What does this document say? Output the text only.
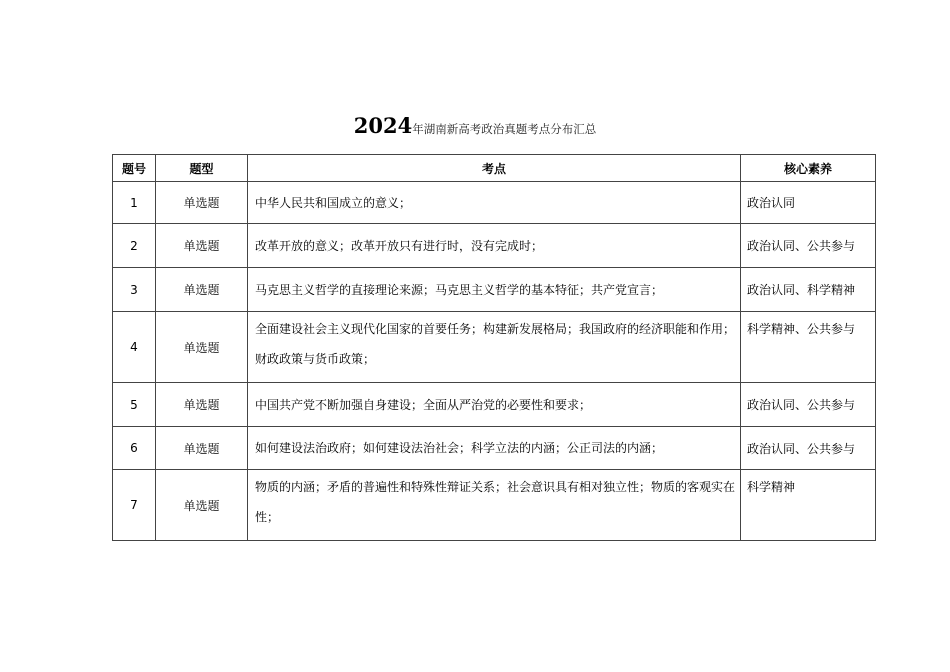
2024年湖南新高考政治真题考点分布汇总
题号	题型	考点	核心素养
1	单选题	中华人民共和国成立的意义；	政治认同
2	单选题	改革开放的意义；改革开放只有进行时，没有完成时；	政治认同、公共参与
3	单选题	马克思主义哲学的直接理论来源；马克思主义哲学的基本特征；共产党宣言；	政治认同、科学精神
4	单选题	全面建设社会主义现代化国家的首要任务；构建新发展格局；我国政府的经济职能和作用；财政政策与货币政策；	科学精神、公共参与
5	单选题	中国共产党不断加强自身建设；全面从严治党的必要性和要求；	政治认同、公共参与
6	单选题	如何建设法治政府；如何建设法治社会；科学立法的内涵；公正司法的内涵；	政治认同、公共参与
7	单选题	物质的内涵；矛盾的普遍性和特殊性辩证关系；社会意识具有相对独立性；物质的客观实在性；	科学精神
